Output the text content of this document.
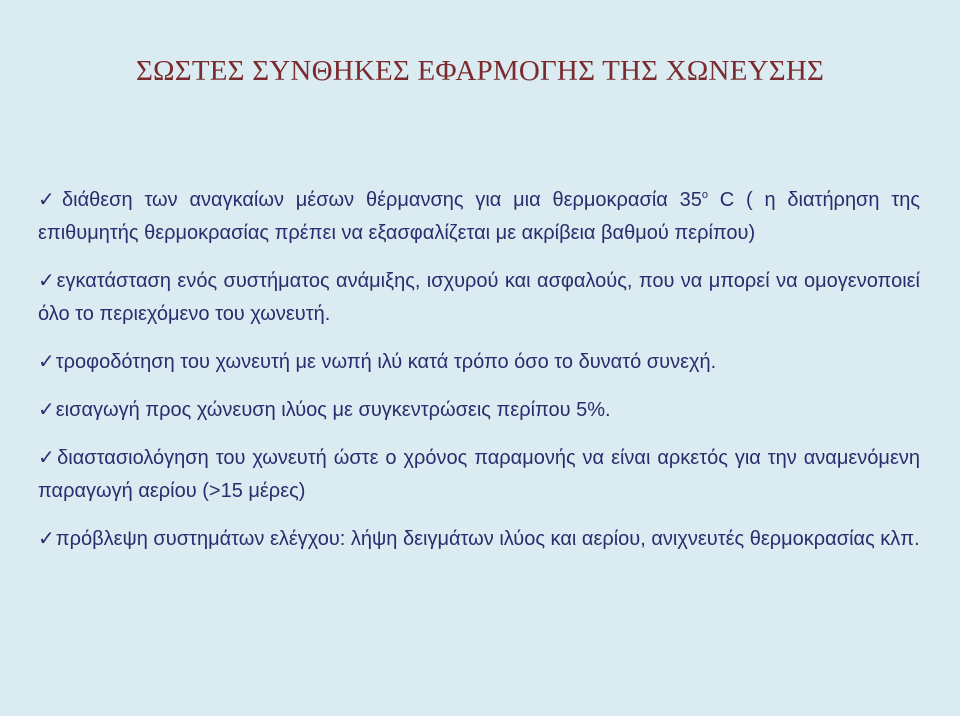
ΣΩΣΤΕΣ ΣΥΝΘΗΚΕΣ ΕΦΑΡΜΟΓΗΣ ΤΗΣ ΧΩΝΕΥΣΗΣ
✓διάθεση των αναγκαίων μέσων θέρμανσης για μια θερμοκρασία $35^o$ C ( η διατήρηση της επιθυμητής θερμοκρασίας πρέπει να εξασφαλίζεται με ακρίβεια βαθμού περίπου)
✓εγκατάσταση ενός συστήματος ανάμιξης, ισχυρού και ασφαλούς, που να μπορεί να ομογενοποιεί όλο το περιεχόμενο του χωνευτή.
✓τροφοδότηση του χωνευτή με νωπή ιλύ κατά τρόπο όσο το δυνατό συνεχή.
✓εισαγωγή προς χώνευση ιλύος με συγκεντρώσεις περίπου 5%.
✓διαστασιολόγηση του χωνευτή ώστε ο χρόνος παραμονής να είναι αρκετός για την αναμενόμενη παραγωγή αερίου (>15 μέρες)
✓πρόβλεψη συστημάτων ελέγχου: λήψη δειγμάτων ιλύος και αερίου, ανιχνευτές θερμοκρασίας κλπ.
